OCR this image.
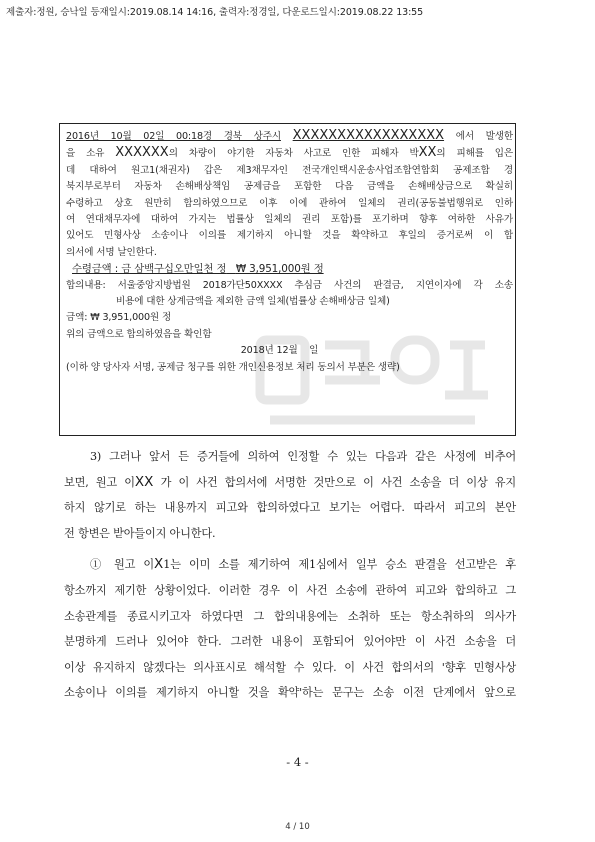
제출자:정원, 승낙일 등재일시:2019.08.14 14:16, 출력자:정경일, 다운로드일시:2019.08.22 13:55
2016년 10월 02일 00:18경 경북 상주시 XXXXXXXXXXXXXXXXX 에서 발생한
을 소유 XXXXXX의 차량이 야기한 자동차 사고로 인한 피해자 박XX의 피해를 입은
데 대하여 원고1(채권자) 갑은 제3채무자인 전국개인택시운송사업조합연합회 공제조합 경
북지부로부터 자동차 손해배상책임 공제금을 포함한 다음 금액을 손해배상금으로 확실히
수령하고 상호 원만히 합의하였으므로 이후 이에 관하여 일체의 권리(공동불법행위로 인하
여 연대채무자에 대하여 가지는 법률상 일체의 권리 포함)를 포기하며 향후 여하한 사유가
있어도 민형사상 소송이나 이의를 제기하지 아니할 것을 확약하고 후일의 증거로써 이 합
의서에 서명 날인한다.
수령금액 : 금 삼백구십오만일천 정 ₩ 3,951,000원 정
합의내용: 서울중앙지방법원 2018가단50XXXX 추심금 사건의 판결금, 지연이자에 각 소송
비용에 대한 상계금액을 제외한 금액 일체(법률상 손해배상금 일체)
금액: ₩ 3,951,000원 정
위의 금액으로 합의하였음을 확인함
2018년 12월    일
(이하 양 당사자 서명, 공제금 청구를 위한 개인신용정보 처리 동의서 부분은 생략)
3) 그러나 앞서 든 증거들에 의하여 인정할 수 있는 다음과 같은 사정에 비추어
보면, 원고 이XX 가 이 사건 합의서에 서명한 것만으로 이 사건 소송을 더 이상 유지
하지 않기로 하는 내용까지 피고와 합의하였다고 보기는 어렵다. 따라서 피고의 본안
전 항변은 받아들이지 아니한다.
① 원고 이X1는 이미 소를 제기하여 제1심에서 일부 승소 판결을 선고받은 후
항소까지 제기한 상황이었다. 이러한 경우 이 사건 소송에 관하여 피고와 합의하고 그
소송관계를 종료시키고자 하였다면 그 합의내용에는 소취하 또는 항소취하의 의사가
분명하게 드러나 있어야 한다. 그러한 내용이 포함되어 있어야만 이 사건 소송을 더
이상 유지하지 않겠다는 의사표시로 해석할 수 있다. 이 사건 합의서의 '향후 민형사상
소송이나 이의를 제기하지 아니할 것을 확약'하는 문구는 소송 이전 단계에서 앞으로
- 4 -
4 / 10
